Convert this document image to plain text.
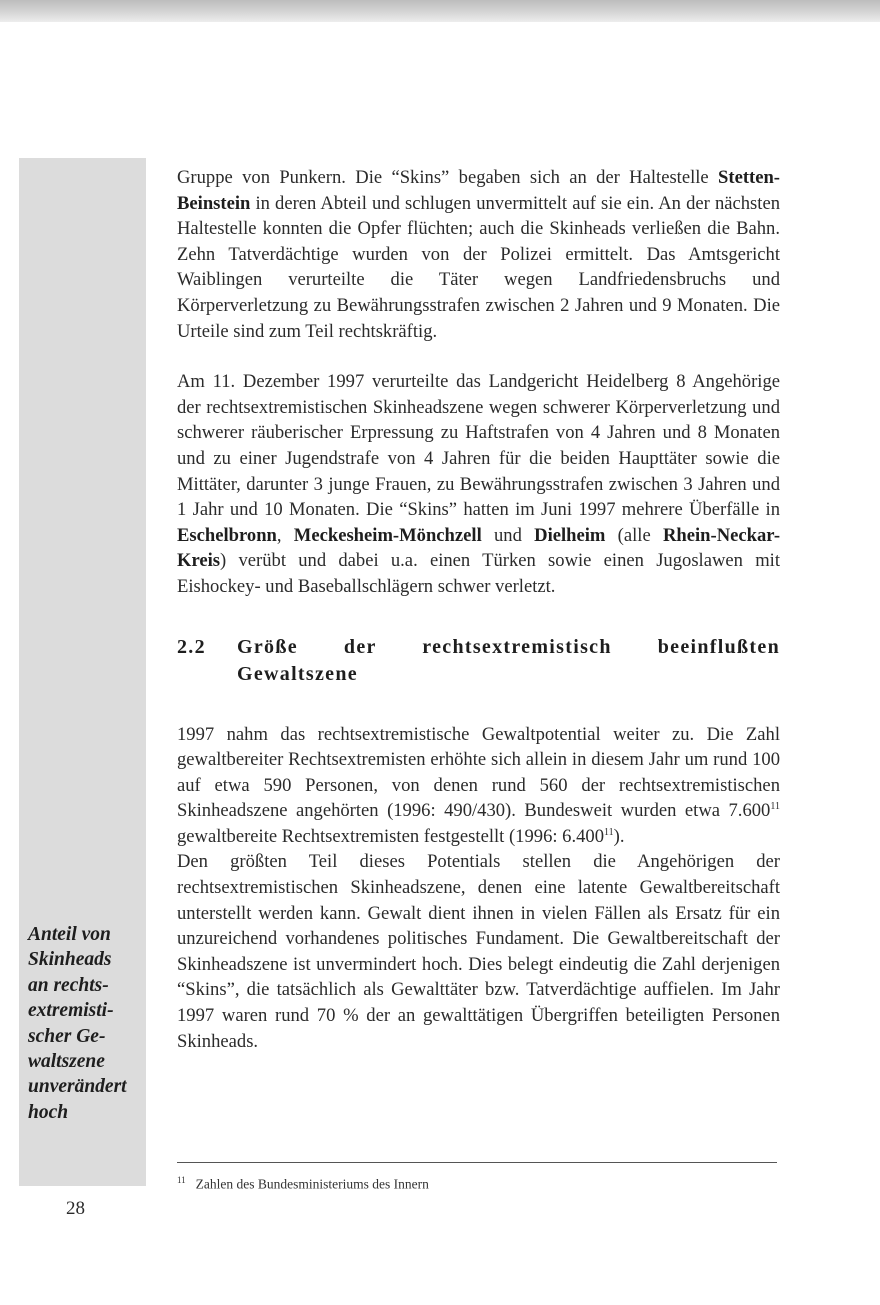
Anteil von
Skinheads
an rechts-
extremisti-
scher Ge-
waltszene
unverändert
hoch

Gruppe von Punkern. Die “Skins” begaben sich an der Haltestelle Stetten-Beinstein in deren Abteil und schlugen unvermittelt auf sie ein. An der nächsten Haltestelle konnten die Opfer flüchten; auch die Skinheads verließen die Bahn. Zehn Tatverdächtige wurden von der Polizei ermittelt. Das Amtsgericht Waiblingen verurteilte die Täter wegen Landfriedensbruchs und Körperverletzung zu Bewährungsstrafen zwischen 2 Jahren und 9 Monaten. Die Urteile sind zum Teil rechtskräftig.

Am 11. Dezember 1997 verurteilte das Landgericht Heidelberg 8 Angehörige der rechtsextremistischen Skinheadszene wegen schwerer Körperverletzung und schwerer räuberischer Erpressung zu Haftstrafen von 4 Jahren und 8 Monaten und zu einer Jugendstrafe von 4 Jahren für die beiden Haupttäter sowie die Mittäter, darunter 3 junge Frauen, zu Bewährungsstrafen zwischen 3 Jahren und 1 Jahr und 10 Monaten. Die “Skins” hatten im Juni 1997 mehrere Überfälle in Eschelbronn, Meckesheim-Mönchzell und Dielheim (alle Rhein-Neckar-Kreis) verübt und dabei u.a. einen Türken sowie einen Jugoslawen mit Eishockey- und Baseballschlägern schwer verletzt.

2.2	Größe der rechtsextremistisch beeinflußten Gewaltszene

1997 nahm das rechtsextremistische Gewaltpotential weiter zu. Die Zahl gewaltbereiter Rechtsextremisten erhöhte sich allein in diesem Jahr um rund 100 auf etwa 590 Personen, von denen rund 560 der rechtsextremistischen Skinheadszene angehörten (1996: 490/430). Bundesweit wurden etwa 7.600$^{11}$ gewaltbereite Rechtsextremisten festgestellt (1996: 6.400$^{11}$).

Den größten Teil dieses Potentials stellen die Angehörigen der rechtsextremistischen Skinheadszene, denen eine latente Gewaltbereitschaft unterstellt werden kann. Gewalt dient ihnen in vielen Fällen als Ersatz für ein unzureichend vorhandenes politisches Fundament. Die Gewaltbereitschaft der Skinheadszene ist unvermindert hoch. Dies belegt eindeutig die Zahl derjenigen “Skins”, die tatsächlich als Gewalttäter bzw. Tatverdächtige auffielen. Im Jahr 1997 waren rund 70 % der an gewalttätigen Übergriffen beteiligten Personen Skinheads.

$^{11}$ Zahlen des Bundesministeriums des Innern
28
